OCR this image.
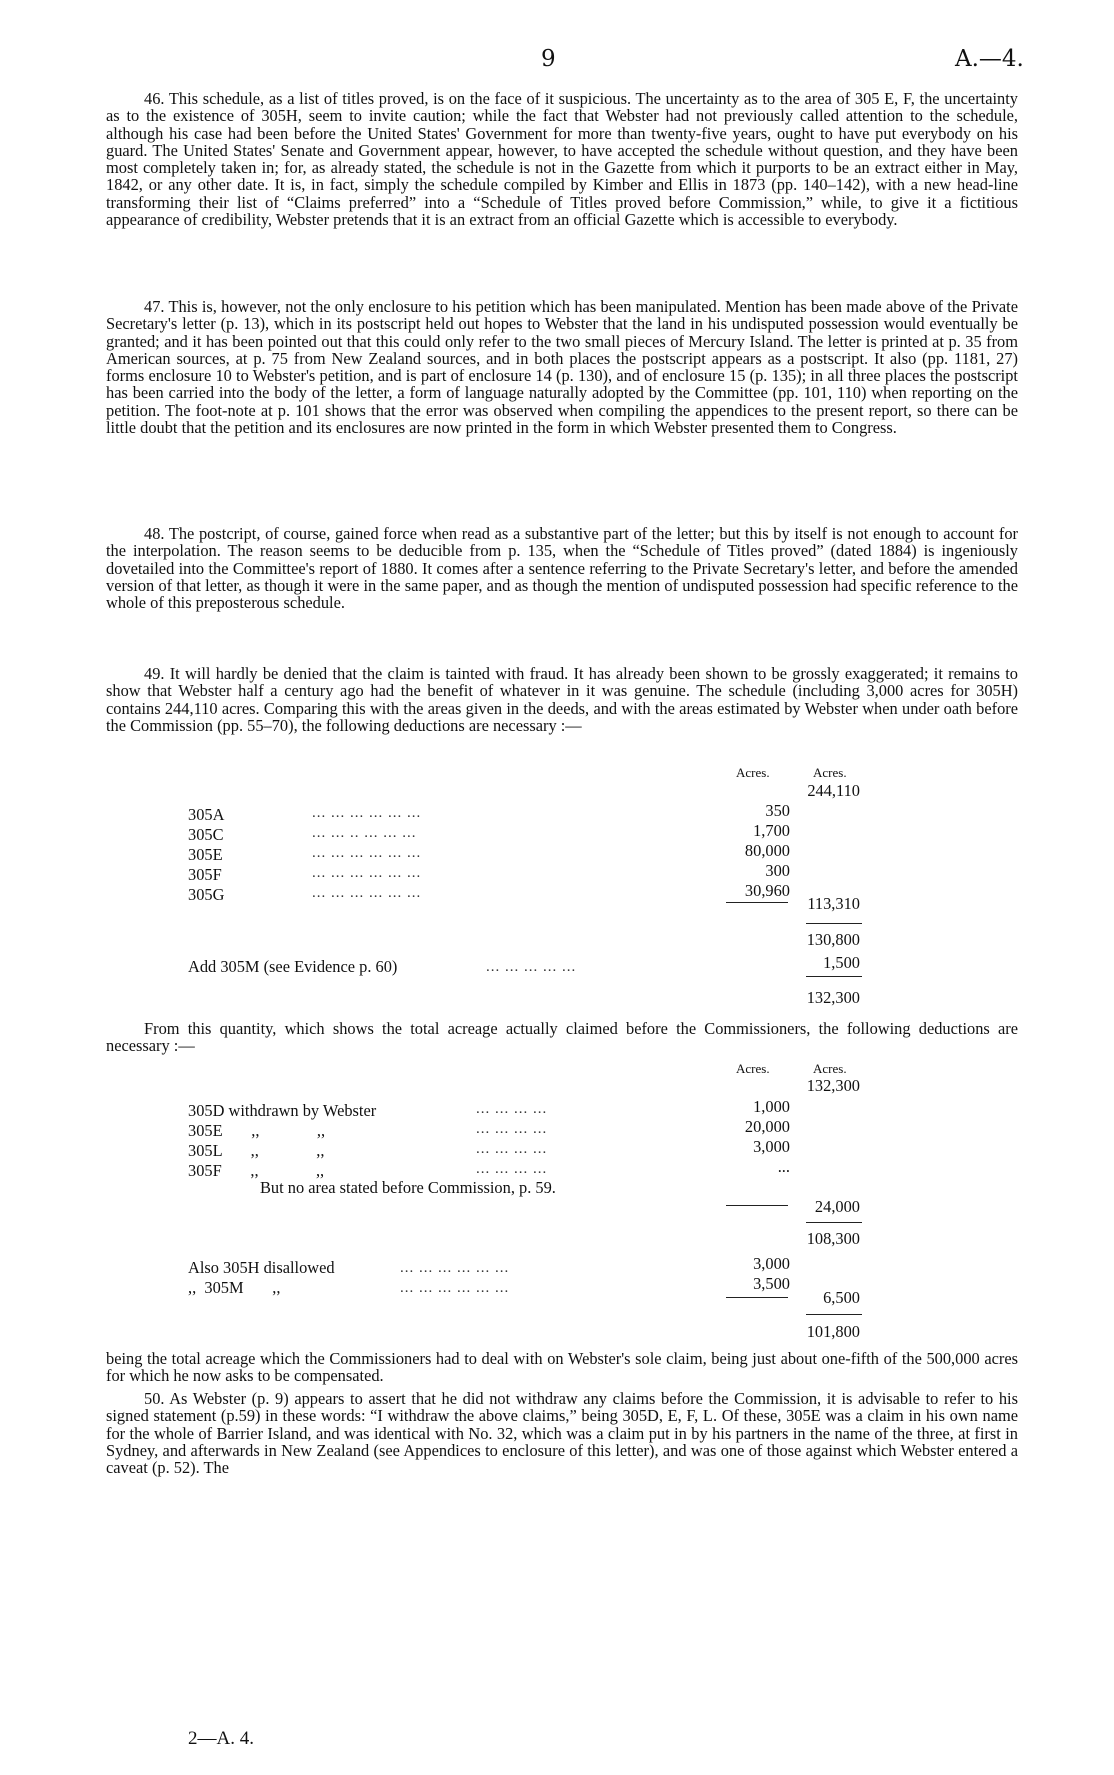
9	A.—4.
46. This schedule, as a list of titles proved, is on the face of it suspicious. The uncertainty as to the area of 305 E, F, the uncertainty as to the existence of 305H, seem to invite caution; while the fact that Webster had not previously called attention to the schedule, although his case had been before the United States' Government for more than twenty-five years, ought to have put everybody on his guard. The United States' Senate and Government appear, however, to have accepted the schedule without question, and they have been most completely taken in; for, as already stated, the schedule is not in the Gazette from which it purports to be an extract either in May, 1842, or any other date. It is, in fact, simply the schedule compiled by Kimber and Ellis in 1873 (pp. 140–142), with a new head-line transforming their list of “Claims preferred” into a “Schedule of Titles proved before Commission,” while, to give it a fictitious appearance of credibility, Webster pretends that it is an extract from an official Gazette which is accessible to everybody.
47. This is, however, not the only enclosure to his petition which has been manipulated. Mention has been made above of the Private Secretary's letter (p. 13), which in its postscript held out hopes to Webster that the land in his undisputed possession would eventually be granted; and it has been pointed out that this could only refer to the two small pieces of Mercury Island. The letter is printed at p. 35 from American sources, at p. 75 from New Zealand sources, and in both places the postscript appears as a postscript. It also (pp. 1181, 27) forms enclosure 10 to Webster's petition, and is part of enclosure 14 (p. 130), and of enclosure 15 (p. 135); in all three places the postscript has been carried into the body of the letter, a form of language naturally adopted by the Committee (pp. 101, 110) when reporting on the petition. The foot-note at p. 101 shows that the error was observed when compiling the appendices to the present report, so there can be little doubt that the petition and its enclosures are now printed in the form in which Webster presented them to Congress.
48. The postcript, of course, gained force when read as a substantive part of the letter; but this by itself is not enough to account for the interpolation. The reason seems to be deducible from p. 135, when the “Schedule of Titles proved” (dated 1884) is ingeniously dovetailed into the Committee's report of 1880. It comes after a sentence referring to the Private Secretary's letter, and before the amended version of that letter, as though it were in the same paper, and as though the mention of undisputed possession had specific reference to the whole of this preposterous schedule.
49. It will hardly be denied that the claim is tainted with fraud. It has already been shown to be grossly exaggerated; it remains to show that Webster half a century ago had the benefit of whatever in it was genuine. The schedule (including 3,000 acres for 305H) contains 244,110 acres. Comparing this with the areas given in the deeds, and with the areas estimated by Webster when under oath before the Commission (pp. 55–70), the following deductions are necessary :—
Acres.	Acres.
244,110
305A	... ... ... ... ... ...	350
305C	... ... .. ... ... ...	1,700
305E	... ... ... ... ... ...	80,000
305F	... ... ... ... ... ...	300
305G	... ... ... ... ... ...	30,960
113,310
130,800
Add 305M (see Evidence p. 60)	... ... ... ... ...	1,500
132,300
From this quantity, which shows the total acreage actually claimed before the Commissioners, the following deductions are necessary :—
Acres.	Acres.
132,300
305D withdrawn by Webster	... ... ... ...	1,000
305E       ,,              ,,	... ... ... ...	20,000
305L       ,,              ,,	... ... ... ...	3,000
305F       ,,              ,,	... ... ... ...	...
But no area stated before Commission, p. 59.
24,000
108,300
Also 305H disallowed	... ... ... ... ... ...	3,000
,,  305M       ,,	... ... ... ... ... ...	3,500
6,500
101,800
being the total acreage which the Commissioners had to deal with on Webster's sole claim, being just about one-fifth of the 500,000 acres for which he now asks to be compensated.
50. As Webster (p. 9) appears to assert that he did not withdraw any claims before the Commission, it is advisable to refer to his signed statement (p.59) in these words: “I withdraw the above claims,” being 305D, E, F, L. Of these, 305E was a claim in his own name for the whole of Barrier Island, and was identical with No. 32, which was a claim put in by his partners in the name of the three, at first in Sydney, and afterwards in New Zealand (see Appendices to enclosure of this letter), and was one of those against which Webster entered a caveat (p. 52). The
2—A. 4.
